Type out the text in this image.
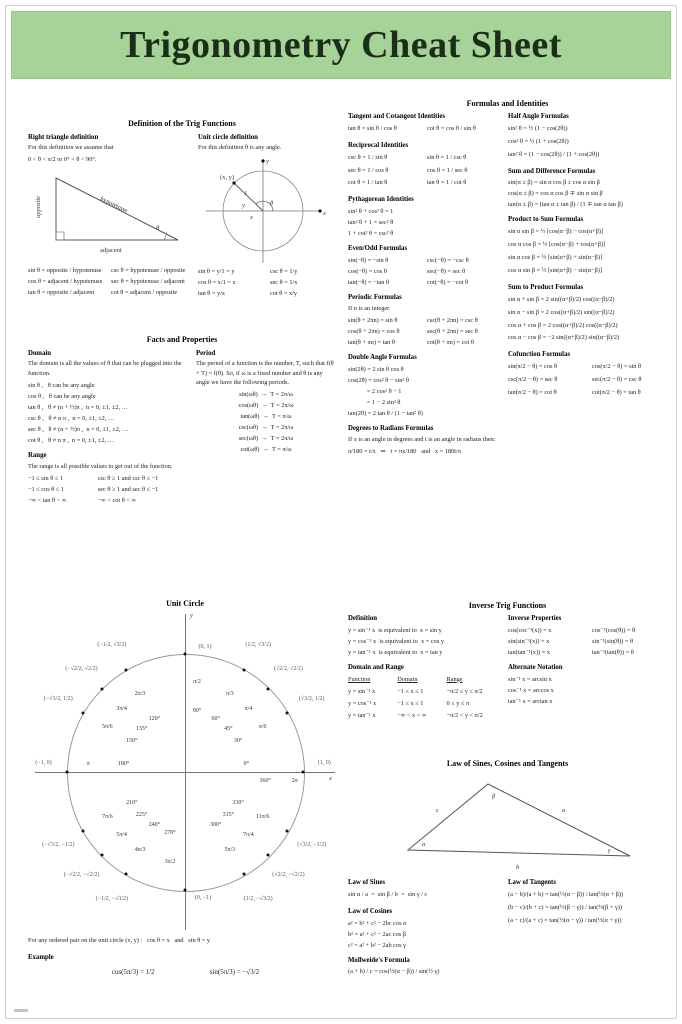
Trigonometry Cheat Sheet
Definition of the Trig Functions
Right triangle definition
For this definition we assume that
0 < θ < π/2 or 0° < θ < 90°.
opposite	hypotenuse
adjacent
θ
sin θ = opposite / hypotenuse	csc θ = hypotenuse / opposite
cos θ = adjacent / hypotenuse	sec θ = hypotenuse / adjacent
tan θ = opposite / adjacent	cot θ = adjacent / opposite
Unit circle definition
For this definition θ is any angle.
(x, y)
θ
1
y
x
x
y
sin θ = y/1 = y	csc θ = 1/y
cos θ = x/1 = x	sec θ = 1/x
tan θ = y/x	cot θ = x/y
Facts and Properties
Domain
The domain is all the values of θ that can be plugged into the function.
sin θ ,   θ can be any angle
cos θ ,   θ can be any angle
tan θ ,   θ ≠ (n + ½)π ,  n = 0, ±1, ±2, …
csc θ ,   θ ≠ n π ,  n = 0, ±1, ±2, …
sec θ ,   θ ≠ (n + ½)π ,  n = 0, ±1, ±2, …
cot θ ,   θ ≠ n π ,  n = 0, ±1, ±2, …
Range
The range is all possible values to get out of the function.
−1 ≤ sin θ ≤ 1	csc θ ≥ 1 and csc θ ≤ −1
−1 ≤ cos θ ≤ 1	sec θ ≥ 1 and sec θ ≤ −1
−∞ < tan θ < ∞	−∞ < cot θ < ∞
Period
The period of a function is the number, T, such that f(θ + T) = f(θ). So, if ω is a fixed number and θ is any angle we have the following periods.
sin(ωθ)  →  T = 2π/ω
cos(ωθ)  →  T = 2π/ω
tan(ωθ)  →  T = π/ω
csc(ωθ)  →  T = 2π/ω
sec(ωθ)  →  T = 2π/ω
cot(ωθ)  →  T = π/ω
Formulas and Identities
Tangent and Cotangent Identities
tan θ = sin θ / cos θ	cot θ = cos θ / sin θ
Reciprocal Identities
csc θ = 1 / sin θ	sin θ = 1 / csc θ
sec θ = 1 / cos θ	cos θ = 1 / sec θ
cot θ = 1 / tan θ	tan θ = 1 / cot θ
Pythagorean Identities
sin² θ + cos² θ = 1
tan² θ + 1 = sec² θ
1 + cot² θ = csc² θ
Even/Odd Formulas
sin(−θ) = −sin θ	csc(−θ) = −csc θ
cos(−θ) = cos θ	sec(−θ) = sec θ
tan(−θ) = −tan θ	cot(−θ) = −cot θ
Periodic Formulas
If n is an integer.
sin(θ + 2πn) = sin θ	csc(θ + 2πn) = csc θ
cos(θ + 2πn) = cos θ	sec(θ + 2πn) = sec θ
tan(θ + πn) = tan θ	cot(θ + πn) = cot θ
Double Angle Formulas
sin(2θ) = 2 sin θ cos θ
cos(2θ) = cos² θ − sin² θ
= 2 cos² θ − 1
= 1 − 2 sin² θ
tan(2θ) = 2 tan θ / (1 − tan² θ)
Degrees to Radians Formulas
If x is an angle in degrees and t is an angle in radians then:
π/180 = t/x   ⇒   t = πx/180   and   x = 180t/π
Half Angle Formulas
sin² θ = ½ (1 − cos(2θ))
cos² θ = ½ (1 + cos(2θ))
tan² θ = (1 − cos(2θ)) / (1 + cos(2θ))
Sum and Difference Formulas
sin(α ± β) = sin α cos β ± cos α sin β
cos(α ± β) = cos α cos β ∓ sin α sin β
tan(α ± β) = (tan α ± tan β) / (1 ∓ tan α tan β)
Product to Sum Formulas
sin α sin β = ½ [cos(α−β) − cos(α+β)]
cos α cos β = ½ [cos(α−β) + cos(α+β)]
sin α cos β = ½ [sin(α+β) + sin(α−β)]
cos α sin β = ½ [sin(α+β) − sin(α−β)]
Sum to Product Formulas
sin α + sin β = 2 sin((α+β)/2) cos((α−β)/2)
sin α − sin β = 2 cos((α+β)/2) sin((α−β)/2)
cos α + cos β = 2 cos((α+β)/2) cos((α−β)/2)
cos α − cos β = −2 sin((α+β)/2) sin((α−β)/2)
Cofunction Formulas
sin(π/2 − θ) = cos θ	cos(π/2 − θ) = sin θ
csc(π/2 − θ) = sec θ	sec(π/2 − θ) = csc θ
tan(π/2 − θ) = cot θ	cot(π/2 − θ) = tan θ
Unit Circle
x
y
0°
2π
(1, 0)
360°
30°
π/6
(√3/2, 1/2)
45°
π/4
(√2/2, √2/2)
60°
π/3
(1/2, √3/2)
90°
π/2
(0, 1)
120°
2π/3
(−1/2, √3/2)
135°
3π/4
(−√2/2, √2/2)
150°
5π/6
(−√3/2, 1/2)
180°
π
(−1, 0)
210°
7π/6
(−√3/2, −1/2)
225°
5π/4
(−√2/2, −√2/2)
240°
4π/3
(−1/2, −√3/2)
270°
3π/2
(0, −1)
300°
5π/3
(1/2, −√3/2)
315°
7π/4
(√2/2, −√2/2)
330°
11π/6
(√3/2, −1/2)
For any ordered pair on the unit circle (x, y) :   cos θ = x   and   sin θ = y
Example
cos(5π/3) = 1/2	sin(5π/3) = −√3/2
Inverse Trig Functions
Definition
y = sin⁻¹ x  is equivalent to  x = sin y
y = cos⁻¹ x  is equivalent to  x = cos y
y = tan⁻¹ x  is equivalent to  x = tan y
Domain and Range
Function	Domain	Range
y = sin⁻¹ x	−1 ≤ x ≤ 1	−π/2 ≤ y ≤ π/2
y = cos⁻¹ x	−1 ≤ x ≤ 1	0 ≤ y ≤ π
y = tan⁻¹ x	−∞ < x < ∞	−π/2 < y < π/2
Inverse Properties
cos(cos⁻¹(x)) = x	cos⁻¹(cos(θ)) = θ
sin(sin⁻¹(x)) = x	sin⁻¹(sin(θ)) = θ
tan(tan⁻¹(x)) = x	tan⁻¹(tan(θ)) = θ
Alternate Notation
sin⁻¹ x = arcsin x
cos⁻¹ x = arccos x
tan⁻¹ x = arctan x
Law of Sines, Cosines and Tangents
c
β
a
α
γ
b
Law of Sines
sin α / a  =  sin β / b  =  sin γ / c
Law of Cosines
a² = b² + c² − 2bc cos α
b² = a² + c² − 2ac cos β
c² = a² + b² − 2ab cos γ
Mollweide's Formula
(a + b) / c = cos(½(α − β)) / sin(½ γ)
Law of Tangents
(a − b)/(a + b) = tan(½(α − β)) / tan(½(α + β))
(b − c)/(b + c) = tan(½(β − γ)) / tan(½(β + γ))
(a − c)/(a + c) = tan(½(α − γ)) / tan(½(α + γ))
